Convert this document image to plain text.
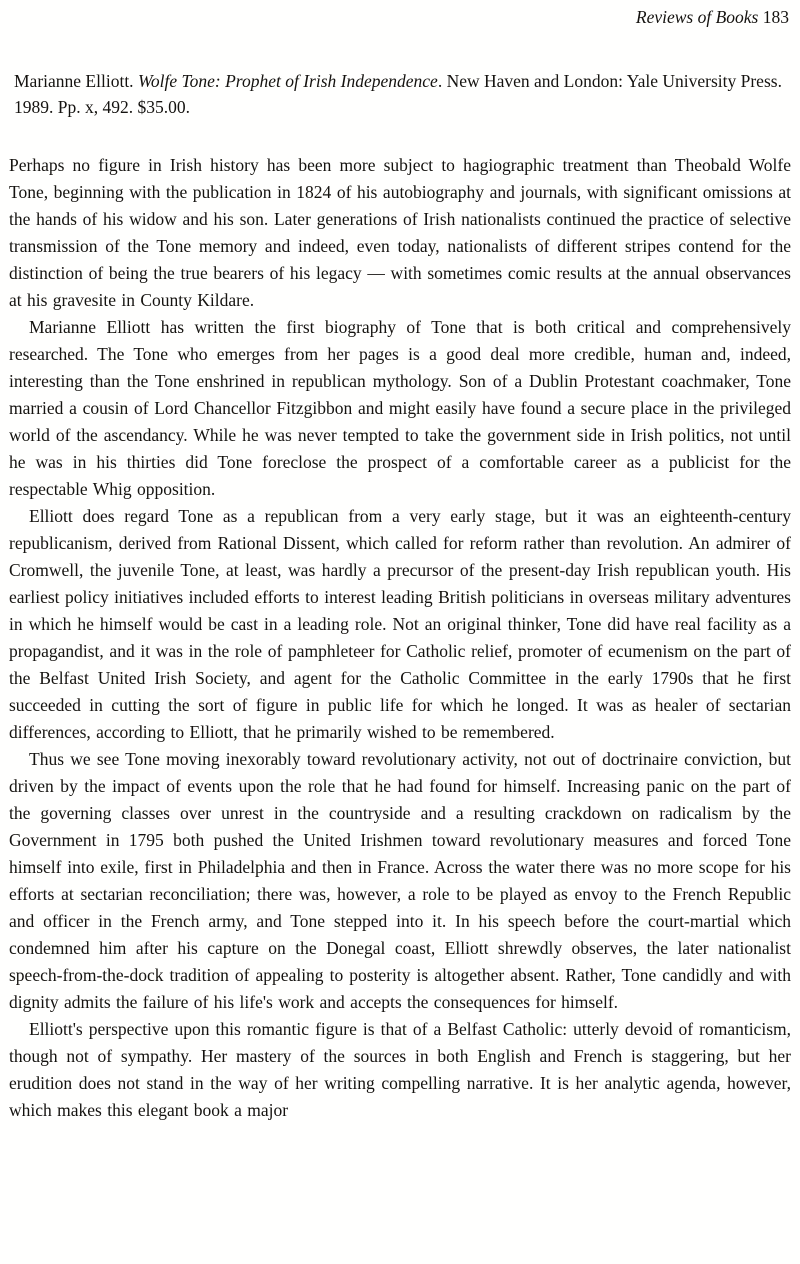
Reviews of Books 183

Marianne Elliott. Wolfe Tone: Prophet of Irish Independence. New Haven and London: Yale University Press. 1989. Pp. x, 492. $35.00.

Perhaps no figure in Irish history has been more subject to hagiographic treatment than Theobald Wolfe Tone, beginning with the publication in 1824 of his autobiography and journals, with significant omissions at the hands of his widow and his son. Later generations of Irish nationalists continued the practice of selective transmission of the Tone memory and indeed, even today, nationalists of different stripes contend for the distinction of being the true bearers of his legacy — with sometimes comic results at the annual observances at his gravesite in County Kildare.

Marianne Elliott has written the first biography of Tone that is both critical and comprehensively researched. The Tone who emerges from her pages is a good deal more credible, human and, indeed, interesting than the Tone enshrined in republican mythology. Son of a Dublin Protestant coachmaker, Tone married a cousin of Lord Chancellor Fitzgibbon and might easily have found a secure place in the privileged world of the ascendancy. While he was never tempted to take the government side in Irish politics, not until he was in his thirties did Tone foreclose the prospect of a comfortable career as a publicist for the respectable Whig opposition.

Elliott does regard Tone as a republican from a very early stage, but it was an eighteenth-century republicanism, derived from Rational Dissent, which called for reform rather than revolution. An admirer of Cromwell, the juvenile Tone, at least, was hardly a precursor of the present-day Irish republican youth. His earliest policy initiatives included efforts to interest leading British politicians in overseas military adventures in which he himself would be cast in a leading role. Not an original thinker, Tone did have real facility as a propagandist, and it was in the role of pamphleteer for Catholic relief, promoter of ecumenism on the part of the Belfast United Irish Society, and agent for the Catholic Committee in the early 1790s that he first succeeded in cutting the sort of figure in public life for which he longed. It was as healer of sectarian differences, according to Elliott, that he primarily wished to be remembered.

Thus we see Tone moving inexorably toward revolutionary activity, not out of doctrinaire conviction, but driven by the impact of events upon the role that he had found for himself. Increasing panic on the part of the governing classes over unrest in the countryside and a resulting crackdown on radicalism by the Government in 1795 both pushed the United Irishmen toward revolutionary measures and forced Tone himself into exile, first in Philadelphia and then in France. Across the water there was no more scope for his efforts at sectarian reconciliation; there was, however, a role to be played as envoy to the French Republic and officer in the French army, and Tone stepped into it. In his speech before the court-martial which condemned him after his capture on the Donegal coast, Elliott shrewdly observes, the later nationalist speech-from-the-dock tradition of appealing to posterity is altogether absent. Rather, Tone candidly and with dignity admits the failure of his life's work and accepts the consequences for himself.

Elliott's perspective upon this romantic figure is that of a Belfast Catholic: utterly devoid of romanticism, though not of sympathy. Her mastery of the sources in both English and French is staggering, but her erudition does not stand in the way of her writing compelling narrative. It is her analytic agenda, however, which makes this elegant book a major
